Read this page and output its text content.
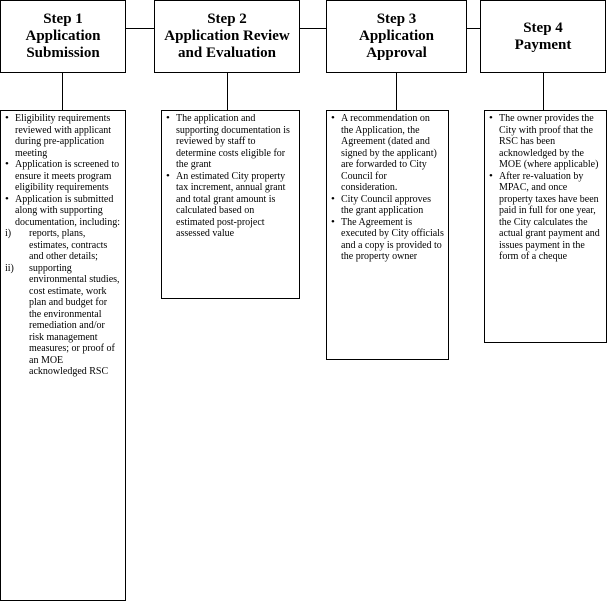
Step 1
Application
Submission
Step 2
Application Review
and Evaluation
Step 3
Application
Approval
Step 4
Payment
• Eligibility requirements reviewed with applicant during pre-application meeting
• Application is screened to ensure it meets program eligibility requirements
• Application is submitted along with supporting documentation, including:
i) reports, plans, estimates, contracts and other details;
ii) supporting environmental studies, cost estimate, work plan and budget for the environmental remediation and/or risk management measures; or proof of an MOE acknowledged RSC
• The application and supporting documentation is reviewed by staff to determine costs eligible for the grant
• An estimated City property tax increment, annual grant and total grant amount is calculated based on estimated post-project assessed value
• A recommendation on the Application, the Agreement (dated and signed by the applicant) are forwarded to City Council for consideration.
• City Council approves the grant application
• The Agreement is executed by City officials and a copy is provided to the property owner
• The owner provides the City with proof that the RSC has been acknowledged by the MOE (where applicable)
• After re-valuation by MPAC, and once property taxes have been paid in full for one year, the City calculates the actual grant payment and issues payment in the form of a cheque
